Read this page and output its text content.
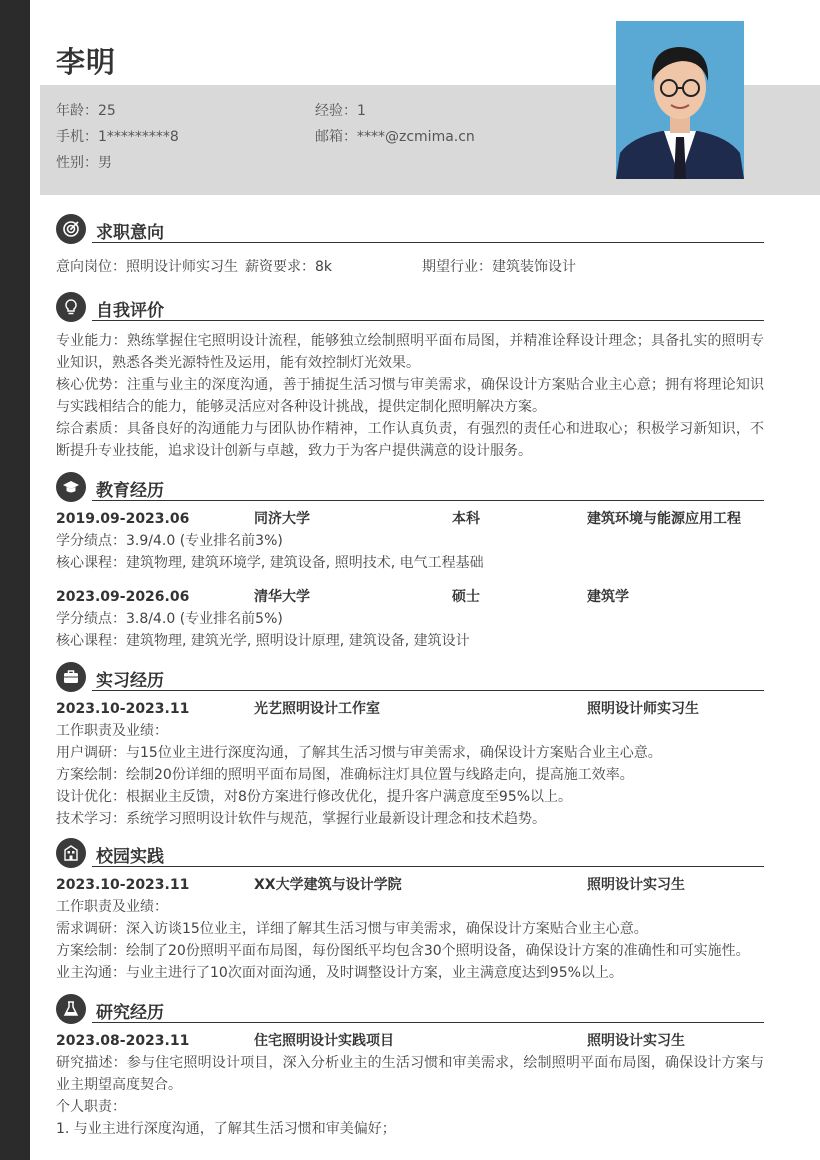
李明
年龄：25	经验：1
手机：1*********8	邮箱：****@zcmima.cn
性别：男
求职意向
意向岗位：照明设计师实习生 薪资要求：8k	期望行业：建筑装饰设计
自我评价
专业能力：熟练掌握住宅照明设计流程，能够独立绘制照明平面布局图，并精准诠释设计理念；具备扎实的照明专业知识，熟悉各类光源特性及运用，能有效控制灯光效果。
核心优势：注重与业主的深度沟通，善于捕捉生活习惯与审美需求，确保设计方案贴合业主心意；拥有将理论知识与实践相结合的能力，能够灵活应对各种设计挑战，提供定制化照明解决方案。
综合素质：具备良好的沟通能力与团队协作精神，工作认真负责，有强烈的责任心和进取心；积极学习新知识，不断提升专业技能，追求设计创新与卓越，致力于为客户提供满意的设计服务。
教育经历
2019.09-2023.06	同济大学	本科	建筑环境与能源应用工程
学分绩点：3.9/4.0 (专业排名前3%)
核心课程：建筑物理, 建筑环境学, 建筑设备, 照明技术, 电气工程基础
2023.09-2026.06	清华大学	硕士	建筑学
学分绩点：3.8/4.0 (专业排名前5%)
核心课程：建筑物理, 建筑光学, 照明设计原理, 建筑设备, 建筑设计
实习经历
2023.10-2023.11	光艺照明设计工作室	照明设计师实习生
工作职责及业绩：
用户调研：与15位业主进行深度沟通，了解其生活习惯与审美需求，确保设计方案贴合业主心意。
方案绘制：绘制20份详细的照明平面布局图，准确标注灯具位置与线路走向，提高施工效率。
设计优化：根据业主反馈，对8份方案进行修改优化，提升客户满意度至95%以上。
技术学习：系统学习照明设计软件与规范，掌握行业最新设计理念和技术趋势。
校园实践
2023.10-2023.11	XX大学建筑与设计学院	照明设计实习生
工作职责及业绩：
需求调研：深入访谈15位业主，详细了解其生活习惯与审美需求，确保设计方案贴合业主心意。
方案绘制：绘制了20份照明平面布局图，每份图纸平均包含30个照明设备，确保设计方案的准确性和可实施性。
业主沟通：与业主进行了10次面对面沟通，及时调整设计方案，业主满意度达到95%以上。
研究经历
2023.08-2023.11	住宅照明设计实践项目	照明设计实习生
研究描述：参与住宅照明设计项目，深入分析业主的生活习惯和审美需求，绘制照明平面布局图，确保设计方案与业主期望高度契合。
个人职责：
1. 与业主进行深度沟通，了解其生活习惯和审美偏好；
